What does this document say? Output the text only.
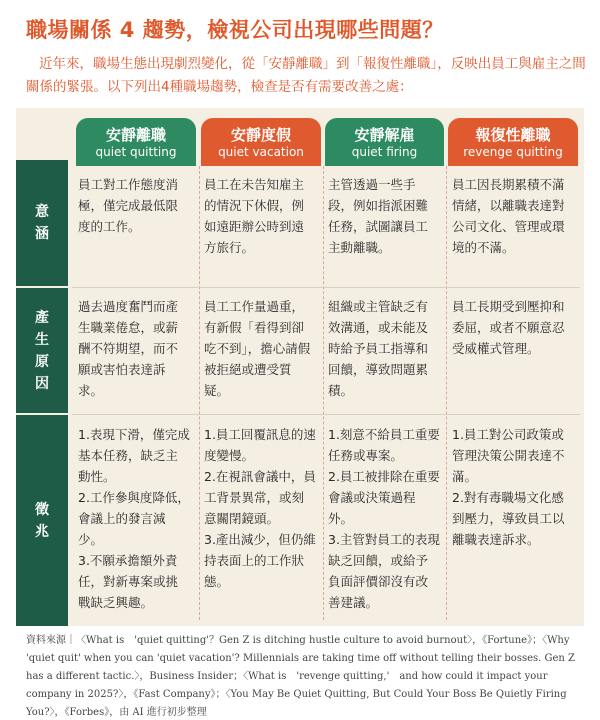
職場關係 4 趨勢，檢視公司出現哪些問題？
近年來，職場生態出現劇烈變化，從「安靜離職」到「報復性離職」，反映出員工與雇主之間關係的緊張。以下列出4種職場趨勢，檢查是否有需要改善之處：
安靜離職
quiet quitting
安靜度假
quiet vacation
安靜解雇
quiet firing
報復性離職
revenge quitting
意
涵
產
生
原
因
徵
兆
員工對工作態度消極，僅完成最低限度的工作。
員工在未告知雇主的情況下休假，例如遠距辦公時到遠方旅行。
主管透過一些手段，例如指派困難任務，試圖讓員工主動離職。
員工因長期累積不滿情緒，以離職表達對公司文化、管理或環境的不滿。
過去過度奮鬥而產生職業倦怠，或薪酬不符期望，而不願或害怕表達訴求。
員工工作量過重，有新假「看得到卻吃不到」，擔心請假被拒絕或遭受質疑。
組織或主管缺乏有效溝通，或未能及時給予員工指導和回饋，導致問題累積。
員工長期受到壓抑和委屈，或者不願意忍受威權式管理。
1.表現下滑，僅完成基本任務，缺乏主動性。
2.工作參與度降低，會議上的發言減少。
3.不願承擔額外責任，對新專案或挑戰缺乏興趣。
1.員工回覆訊息的速度變慢。
2.在視訊會議中，員工背景異常，或刻意關閉鏡頭。
3.產出減少，但仍維持表面上的工作狀態。
1.刻意不給員工重要任務或專案。
2.員工被排除在重要會議或決策過程外。
3.主管對員工的表現缺乏回饋，或給予負面評價卻沒有改善建議。
1.員工對公司政策或管理決策公開表達不滿。
2.對有毒職場文化感到壓力，導致員工以離職表達訴求。
資料來源｜〈What is　'quiet quitting'？Gen Z is ditching hustle culture to avoid burnout〉，《Fortune》；〈Why 'quiet quit' when you can 'quiet vacation'? Millennials are taking time off without telling their bosses. Gen Z has a different tactic.〉，Business Insider；〈What is　'revenge quitting,'　and how could it impact your company in 2025?〉，《Fast Company》；〈You May Be Quiet Quitting, But Could Your Boss Be Quietly Firing You?〉，《Forbes》，由 AI 進行初步整理
